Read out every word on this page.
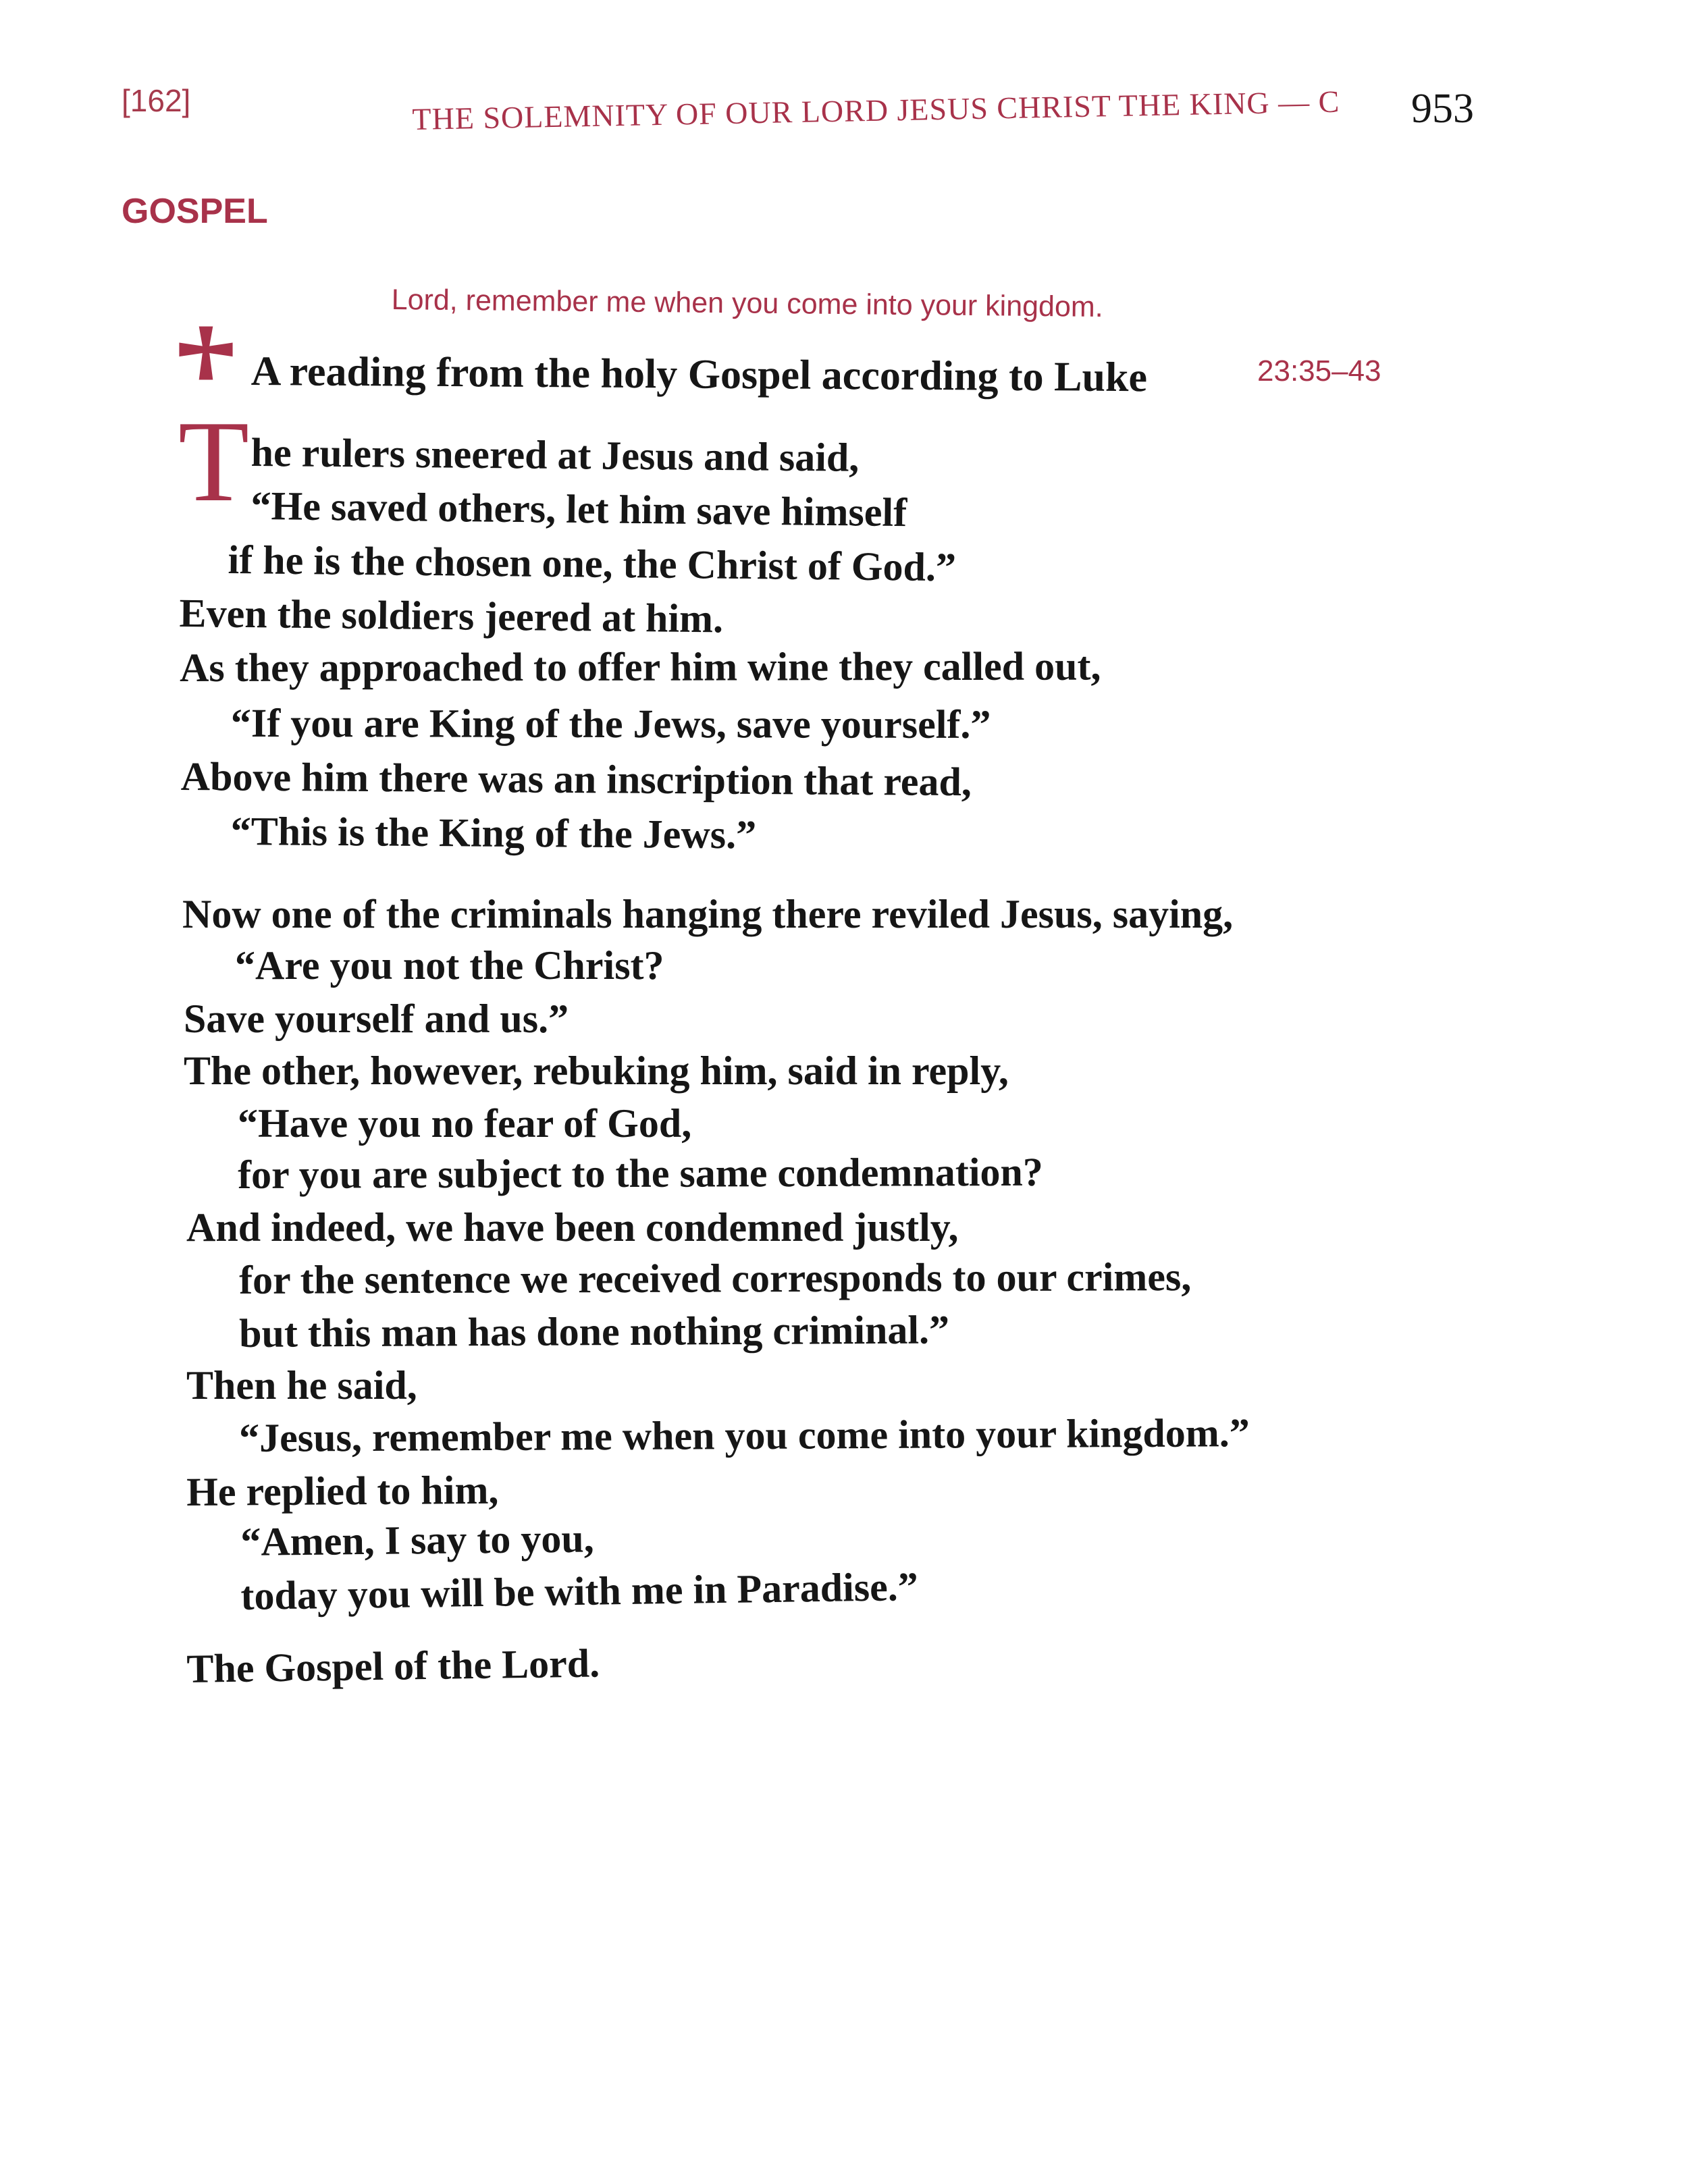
[162]	THE SOLEMNITY OF OUR LORD JESUS CHRIST THE KING — C 953
GOSPEL
Lord, remember me when you come into your kingdom.
A reading from the holy Gospel according to Luke	23:35–43
T he rulers sneered at Jesus and said,
“He saved others, let him save himself
if he is the chosen one, the Christ of God.”
Even the soldiers jeered at him.
As they approached to offer him wine they called out,
“If you are King of the Jews, save yourself.”
Above him there was an inscription that read,
“This is the King of the Jews.”
Now one of the criminals hanging there reviled Jesus, saying,
“Are you not the Christ?
Save yourself and us.”
The other, however, rebuking him, said in reply,
“Have you no fear of God,
for you are subject to the same condemnation?
And indeed, we have been condemned justly,
for the sentence we received corresponds to our crimes,
but this man has done nothing criminal.”
Then he said,
“Jesus, remember me when you come into your kingdom.”
He replied to him,
“Amen, I say to you,
today you will be with me in Paradise.”
The Gospel of the Lord.
